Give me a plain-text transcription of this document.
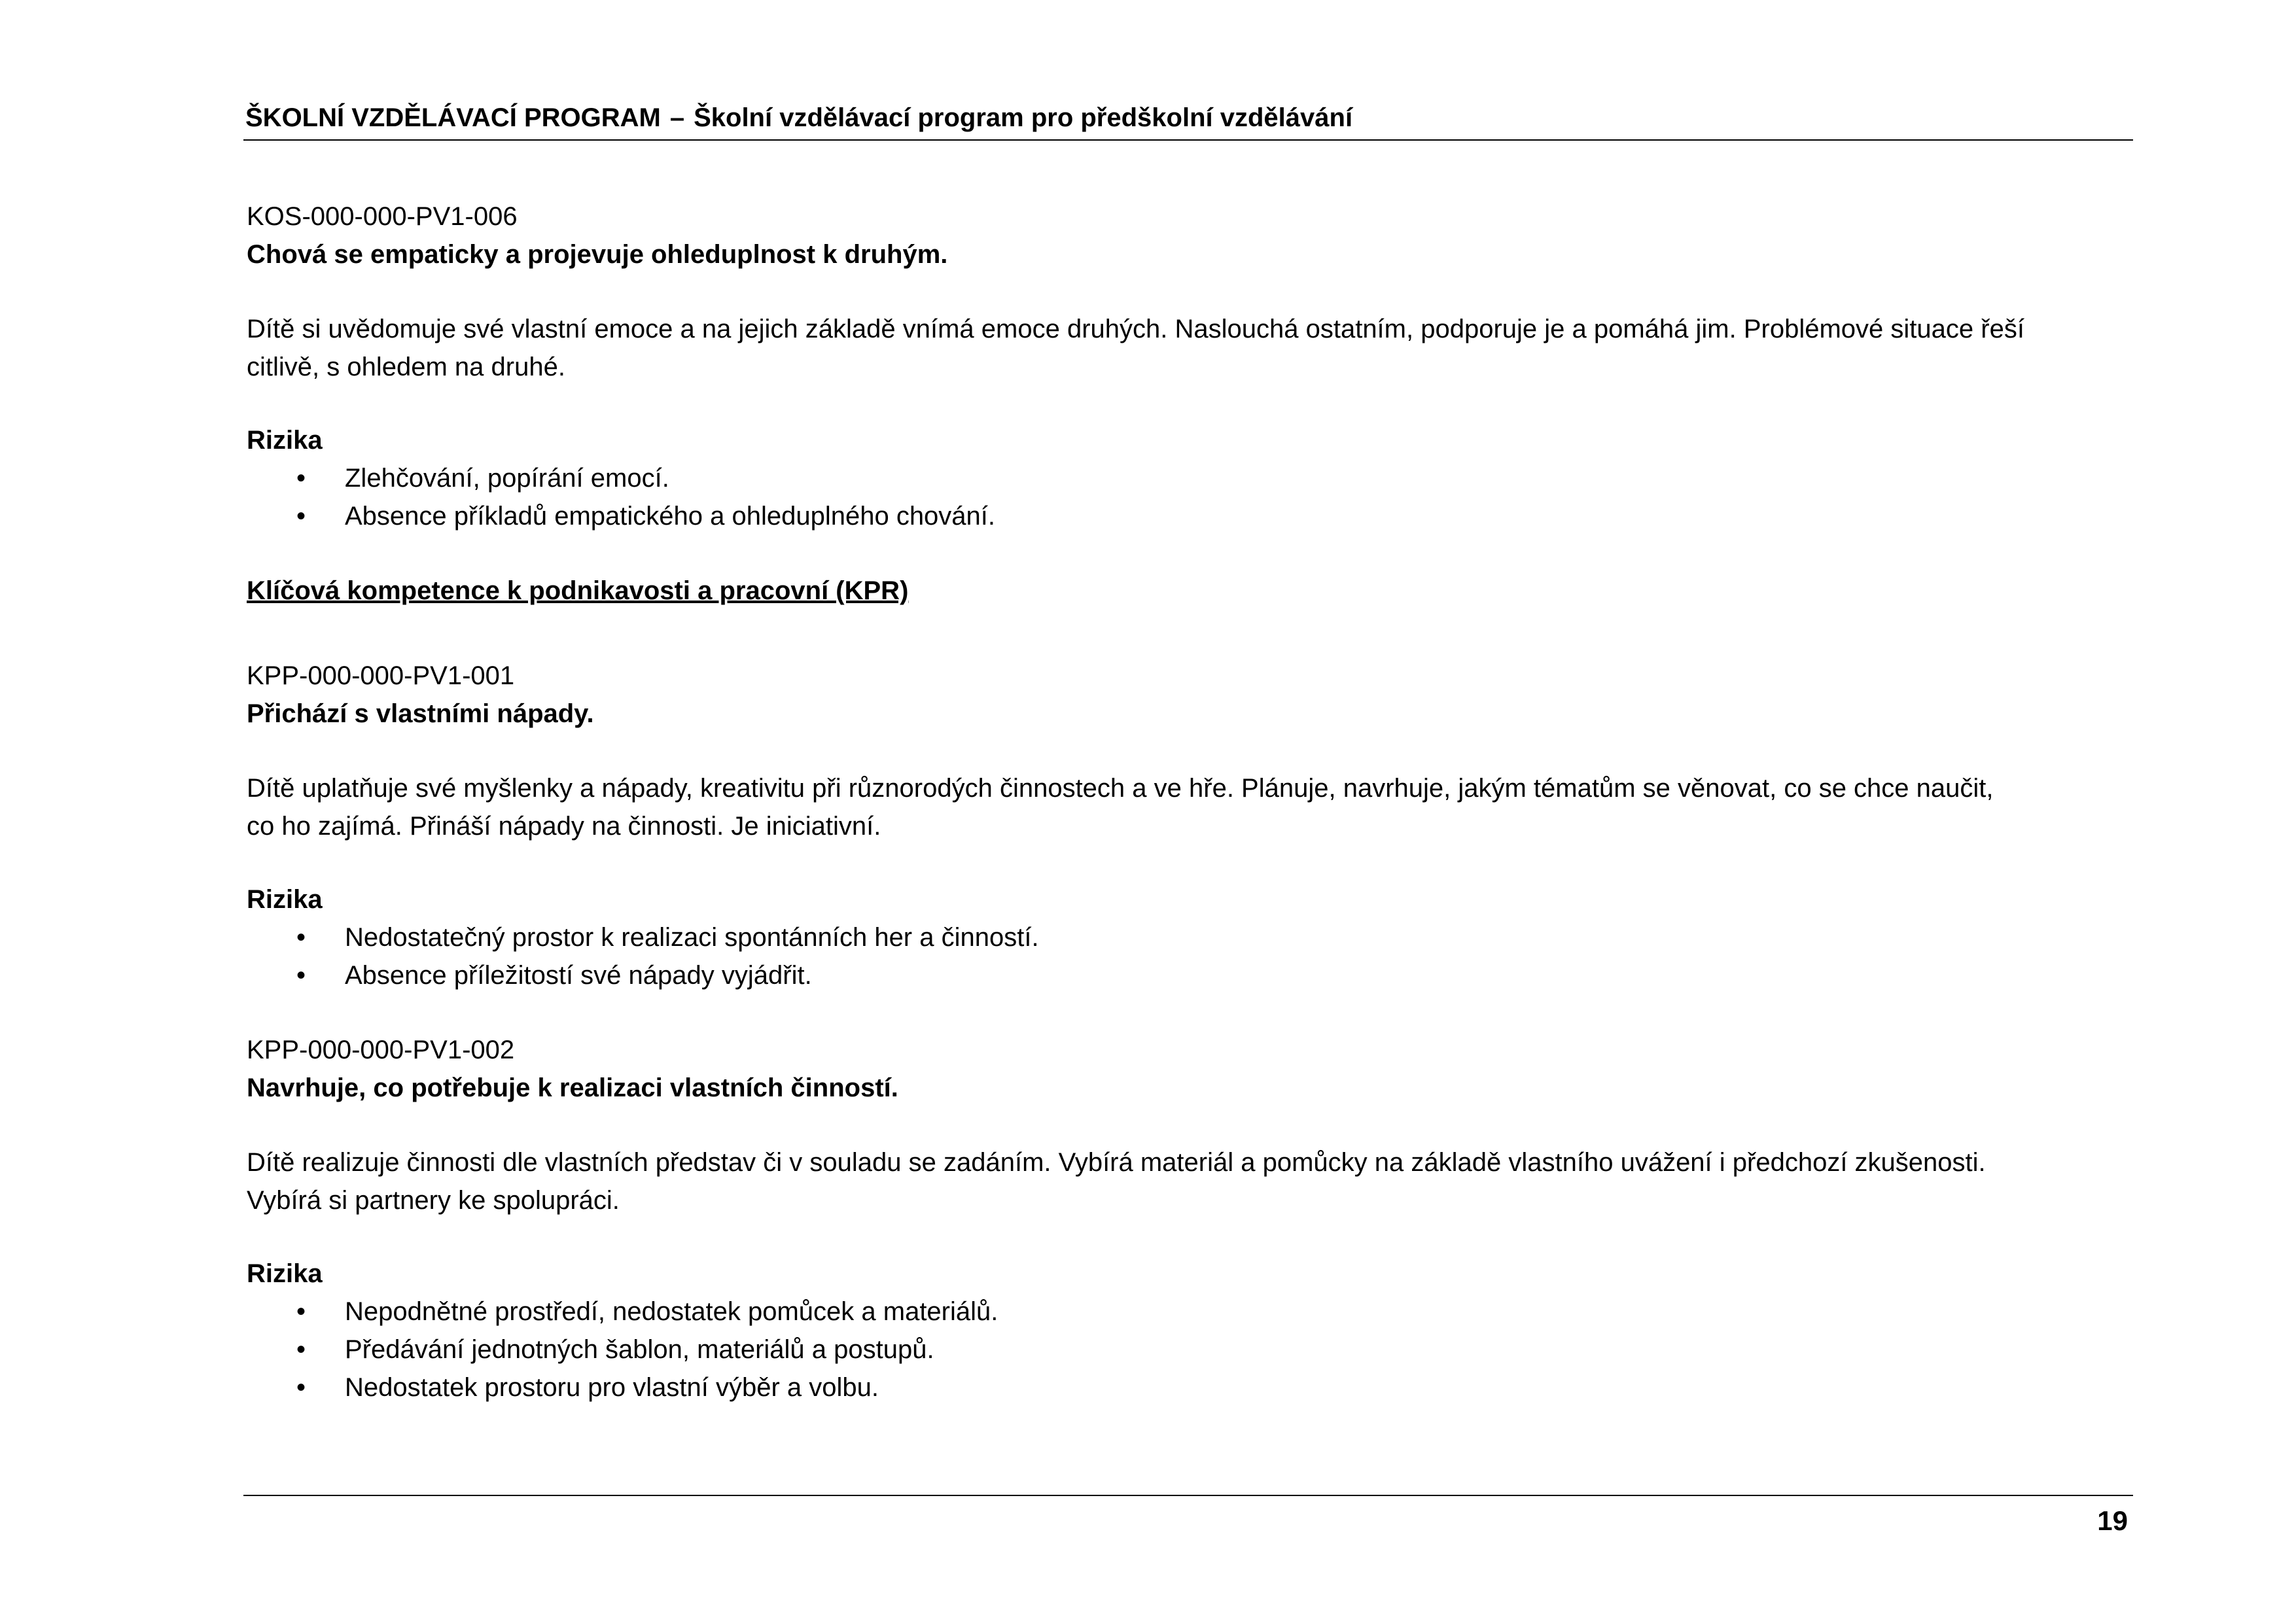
ŠKOLNÍ VZDĚLÁVACÍ PROGRAM – Školní vzdělávací program pro předškolní vzdělávání

KOS-000-000-PV1-006

Chová se empaticky a projevuje ohleduplnost k druhým.

Dítě si uvědomuje své vlastní emoce a na jejich základě vnímá emoce druhých. Naslouchá ostatním, podporuje je a pomáhá jim. Problémové situace řeší

citlivě, s ohledem na druhé.

Rizika

• Zlehčování, popírání emocí.
• Absence příkladů empatického a ohleduplného chování.

Klíčová kompetence k podnikavosti a pracovní (KPR)

KPP-000-000-PV1-001

Přichází s vlastními nápady.

Dítě uplatňuje své myšlenky a nápady, kreativitu při různorodých činnostech a ve hře. Plánuje, navrhuje, jakým tématům se věnovat, co se chce naučit,

co ho zajímá. Přináší nápady na činnosti. Je iniciativní.

Rizika

• Nedostatečný prostor k realizaci spontánních her a činností.
• Absence příležitostí své nápady vyjádřit.

KPP-000-000-PV1-002

Navrhuje, co potřebuje k realizaci vlastních činností.

Dítě realizuje činnosti dle vlastních představ či v souladu se zadáním. Vybírá materiál a pomůcky na základě vlastního uvážení i předchozí zkušenosti.

Vybírá si partnery ke spolupráci.

Rizika

• Nepodnětné prostředí, nedostatek pomůcek a materiálů.
• Předávání jednotných šablon, materiálů a postupů.
• Nedostatek prostoru pro vlastní výběr a volbu.
19
